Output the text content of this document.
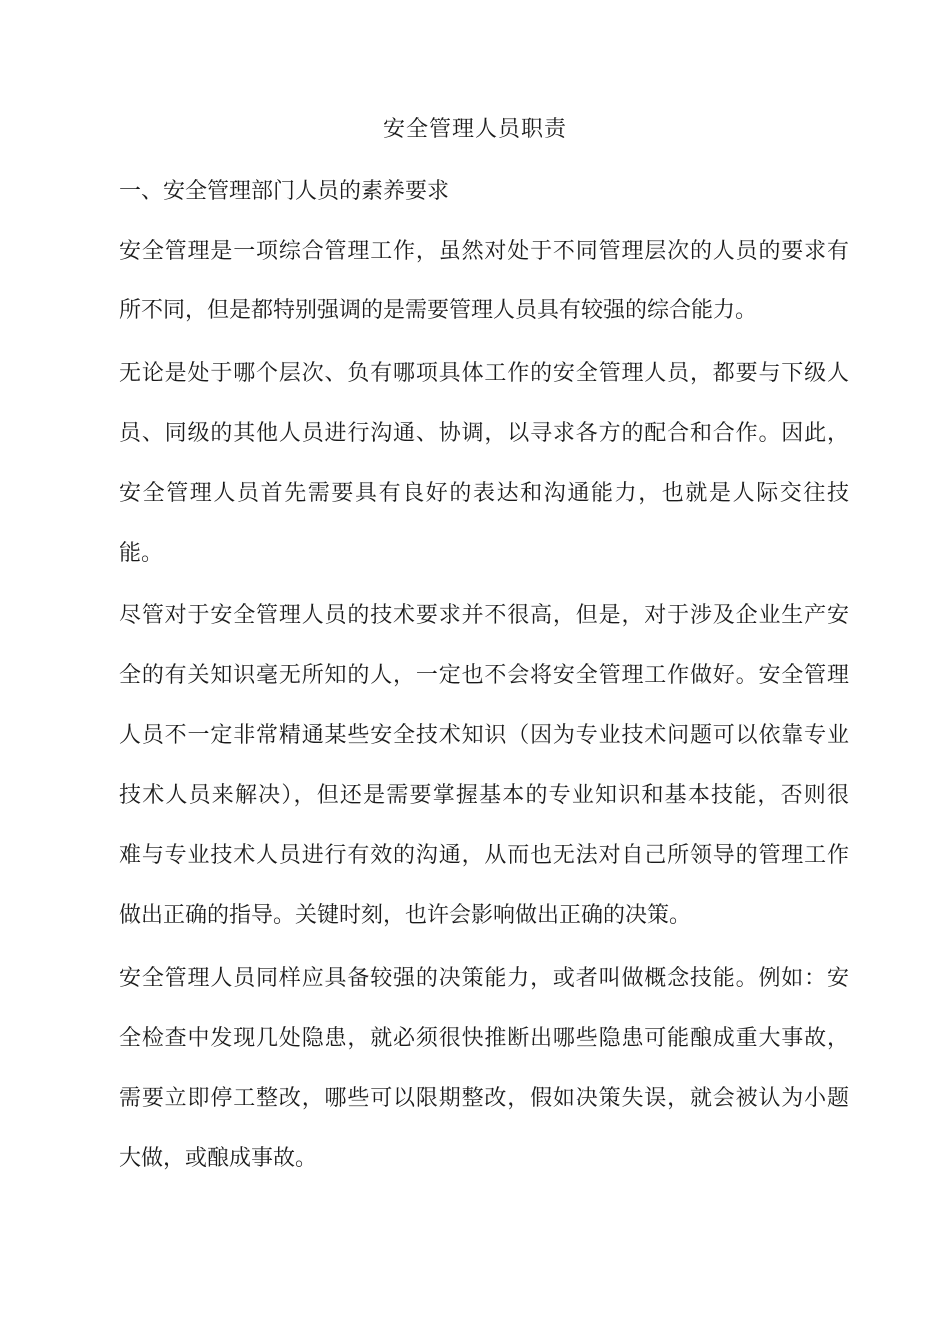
安全管理人员职责
一、安全管理部门人员的素养要求
安全管理是一项综合管理工作，虽然对处于不同管理层次的人员的要求有
所不同，但是都特别强调的是需要管理人员具有较强的综合能力。
无论是处于哪个层次、负有哪项具体工作的安全管理人员，都要与下级人
员、同级的其他人员进行沟通、协调，以寻求各方的配合和合作。因此，
安全管理人员首先需要具有良好的表达和沟通能力，也就是人际交往技
能。
尽管对于安全管理人员的技术要求并不很高，但是，对于涉及企业生产安
全的有关知识毫无所知的人，一定也不会将安全管理工作做好。安全管理
人员不一定非常精通某些安全技术知识（因为专业技术问题可以依靠专业
技术人员来解决），但还是需要掌握基本的专业知识和基本技能，否则很
难与专业技术人员进行有效的沟通，从而也无法对自己所领导的管理工作
做出正确的指导。关键时刻，也许会影响做出正确的决策。
安全管理人员同样应具备较强的决策能力，或者叫做概念技能。例如：安
全检查中发现几处隐患，就必须很快推断出哪些隐患可能酿成重大事故，
需要立即停工整改，哪些可以限期整改，假如决策失误，就会被认为小题
大做，或酿成事故。
